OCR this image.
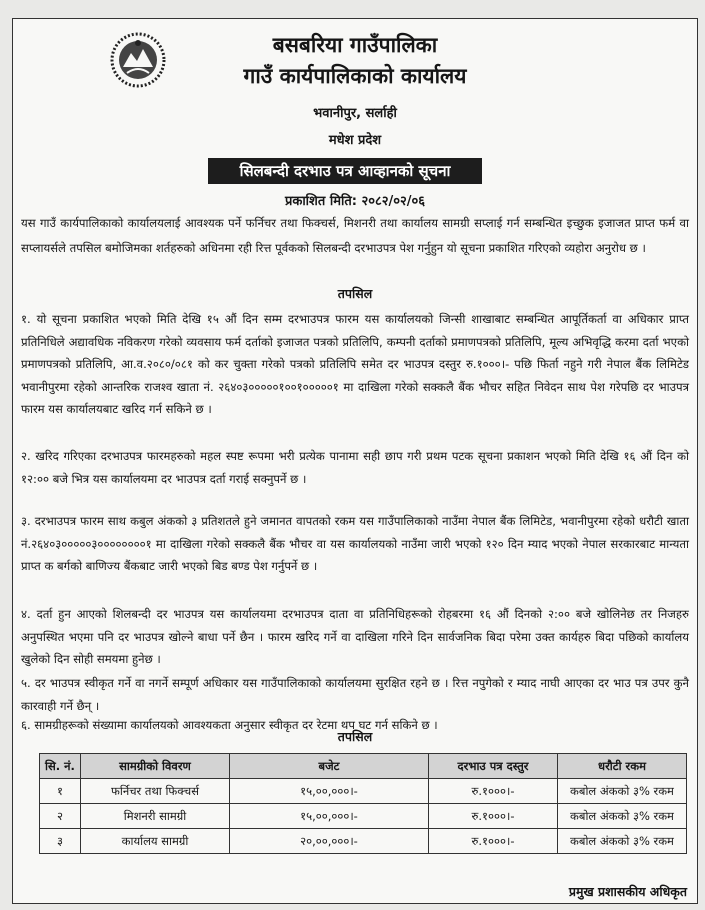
बसबरिया गाउँपालिका
गाउँ कार्यपालिकाको कार्यालय
भवानीपुर, सर्लाही
मधेश प्रदेश
सिलबन्दी दरभाउ पत्र आव्हानको सूचना
प्रकाशित मिति: २०८२/०२/०६

यस गाउँ कार्यपालिकाको कार्यालयलाई आवश्यक पर्ने फर्निचर तथा फिक्चर्स, मिशनरी तथा कार्यालय सामग्री सप्लाई गर्न सम्बन्धित इच्छुक इजाजत प्राप्त फर्म वा सप्लायर्सले तपसिल बमोजिमका शर्तहरुको अधिनमा रही रित्त पूर्वकको सिलबन्दी दरभाउपत्र पेश गर्नुहुन यो सूचना प्रकाशित गरिएको व्यहोरा अनुरोध छ ।

तपसिल

१. यो सूचना प्रकाशित भएको मिति देखि १५ औं दिन सम्म दरभाउपत्र फारम यस कार्यालयको जिन्सी शाखाबाट सम्बन्धित आपूर्तिकर्ता वा अधिकार प्राप्त प्रतिनिधिले अद्यावधिक नविकरण गरेको व्यवसाय फर्म दर्ताको इजाजत पत्रको प्रतिलिपि, कम्पनी दर्ताको प्रमाणपत्रको प्रतिलिपि, मूल्य अभिवृद्धि करमा दर्ता भएको प्रमाणपत्रको प्रतिलिपि, आ.व.२०८०/०८१ को कर चुक्ता गरेको पत्रको प्रतिलिपि समेत दर भाउपत्र दस्तुर रु.१०००।- पछि फिर्ता नहुने गरी नेपाल बैंक लिमिटेड भवानीपुरमा रहेको आन्तरिक राजश्व खाता नं. २६४०३०००००१००१०००००१ मा दाखिला गरेको सक्कलै बैंक भौचर सहित निवेदन साथ पेश गरेपछि दर भाउपत्र फारम यस कार्यालयबाट खरिद गर्न सकिने छ ।

२. खरिद गरिएका दरभाउपत्र फारमहरुको महल स्पष्ट रूपमा भरी प्रत्येक पानामा सही छाप गरी प्रथम पटक सूचना प्रकाशन भएको मिति देखि १६ औं दिन को १२:०० बजे भित्र यस कार्यालयमा दर भाउपत्र दर्ता गराई सक्नुपर्ने छ ।

३. दरभाउपत्र फारम साथ कबुल अंकको ३ प्रतिशतले हुने जमानत वापतको रकम यस गाउँपालिकाको नाउँमा नेपाल बैंक लिमिटेड, भवानीपुरमा रहेको धरौटी खाता नं.२६४०३०००००३००००००००१ मा दाखिला गरेको सक्कलै बैंक भौचर वा यस कार्यालयको नाउँमा जारी भएको १२० दिन म्याद भएको नेपाल सरकारबाट मान्यता प्राप्त क बर्गको बाणिज्य बैंकबाट जारी भएको बिड बण्ड पेश गर्नुपर्ने छ ।

४. दर्ता हुन आएको शिलबन्दी दर भाउपत्र यस कार्यालयमा दरभाउपत्र दाता वा प्रतिनिधिहरूको रोहबरमा १६ औं दिनको २:०० बजे खोलिनेछ तर निजहरु अनुपस्थित भएमा पनि दर भाउपत्र खोल्ने बाधा पर्ने छैन । फारम खरिद गर्ने वा दाखिला गरिने दिन सार्वजनिक बिदा परेमा उक्त कार्यहरु बिदा पछिको कार्यालय खुलेको दिन सोही समयमा हुनेछ ।

५. दर भाउपत्र स्वीकृत गर्ने वा नगर्ने सम्पूर्ण अधिकार यस गाउँपालिकाको कार्यालयमा सुरक्षित रहने छ । रित्त नपुगेको र म्याद नाघी आएका दर भाउ पत्र उपर कुनै कारवाही गर्ने छैन् ।

६. सामग्रीहरूको संख्यामा कार्यालयको आवश्यकता अनुसार स्वीकृत दर रेटमा थप घट गर्न सकिने छ ।

तपसिल
सि. नं.	सामग्रीको विवरण	बजेट	दरभाउ पत्र दस्तुर	धरौटी रकम
१	फर्निचर तथा फिक्चर्स	१५,००,०००।-	रु.१०००।-	कबोल अंकको ३% रकम
२	मिशनरी सामग्री	१५,००,०००।-	रु.१०००।-	कबोल अंकको ३% रकम
३	कार्यालय सामग्री	२०,००,०००।-	रु.१०००।-	कबोल अंकको ३% रकम
प्रमुख प्रशासकीय अधिकृत
